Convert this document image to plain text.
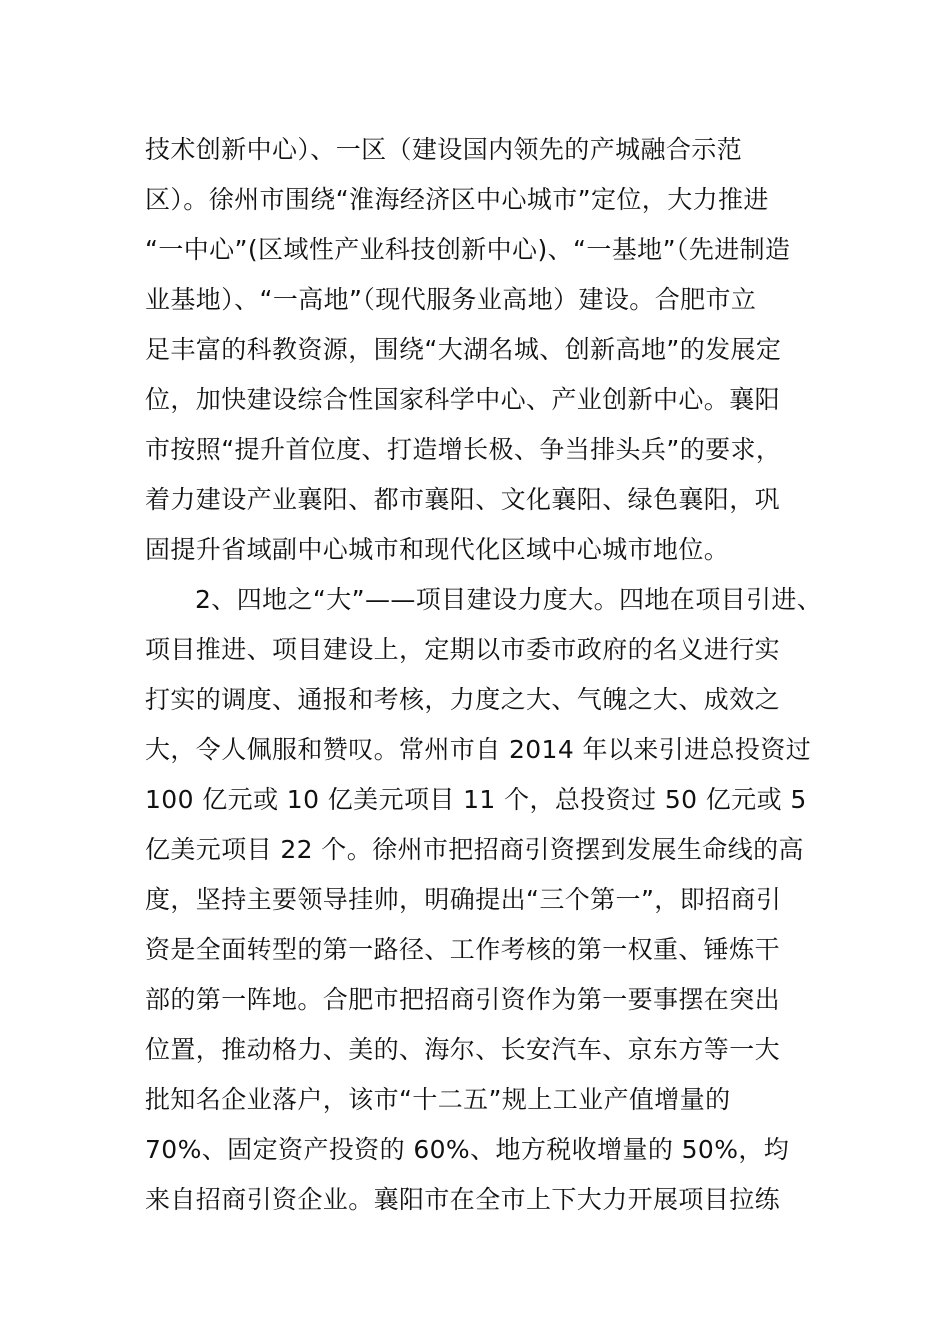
技术创新中心）、一区（建设国内领先的产城融合示范
区）。徐州市围绕“淮海经济区中心城市”定位，大力推进
“一中心”(区域性产业科技创新中心)、“一基地”（先进制造
业基地）、“一高地”（现代服务业高地）建设。合肥市立
足丰富的科教资源，围绕“大湖名城、创新高地”的发展定
位，加快建设综合性国家科学中心、产业创新中心。襄阳
市按照“提升首位度、打造增长极、争当排头兵”的要求，
着力建设产业襄阳、都市襄阳、文化襄阳、绿色襄阳，巩
固提升省域副中心城市和现代化区域中心城市地位。
2、四地之“大”——项目建设力度大。四地在项目引进、
项目推进、项目建设上，定期以市委市政府的名义进行实
打实的调度、通报和考核，力度之大、气魄之大、成效之
大，令人佩服和赞叹。常州市自 2014 年以来引进总投资过
100 亿元或 10 亿美元项目 11 个，总投资过 50 亿元或 5
亿美元项目 22 个。徐州市把招商引资摆到发展生命线的高
度，坚持主要领导挂帅，明确提出“三个第一”，即招商引
资是全面转型的第一路径、工作考核的第一权重、锤炼干
部的第一阵地。合肥市把招商引资作为第一要事摆在突出
位置，推动格力、美的、海尔、长安汽车、京东方等一大
批知名企业落户，该市“十二五”规上工业产值增量的
70%、固定资产投资的 60%、地方税收增量的 50%，均
来自招商引资企业。襄阳市在全市上下大力开展项目拉练
